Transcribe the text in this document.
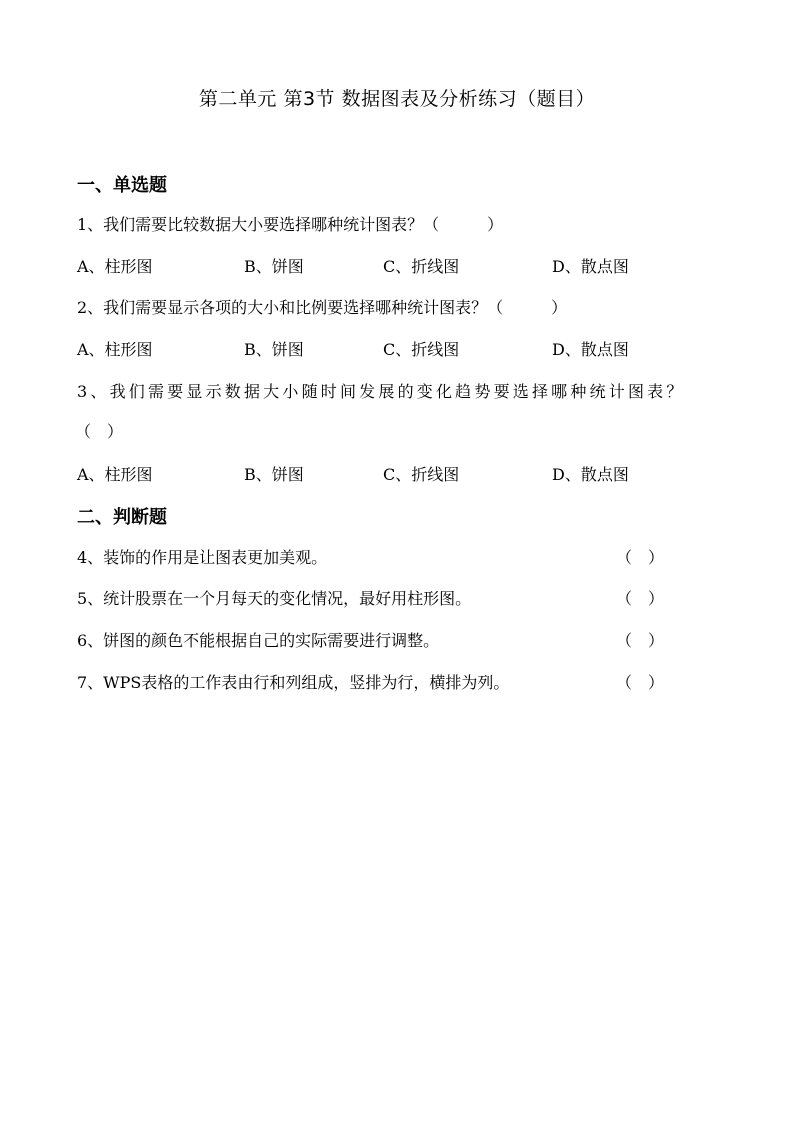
第二单元 第3节 数据图表及分析练习（题目）
一、单选题
1、我们需要比较数据大小要选择哪种统计图表？（　　　）
A、柱形图	B、饼图	C、折线图	D、散点图
2、我们需要显示各项的大小和比例要选择哪种统计图表？（　　　）
A、柱形图	B、饼图	C、折线图	D、散点图
3、我们需要显示数据大小随时间发展的变化趋势要选择哪种统计图表？
（　）
A、柱形图	B、饼图	C、折线图	D、散点图
二、判断题
4、装饰的作用是让图表更加美观。	（　）
5、统计股票在一个月每天的变化情况，最好用柱形图。	（　）
6、饼图的颜色不能根据自己的实际需要进行调整。	（　）
7、WPS表格的工作表由行和列组成，竖排为行，横排为列。	（　）
